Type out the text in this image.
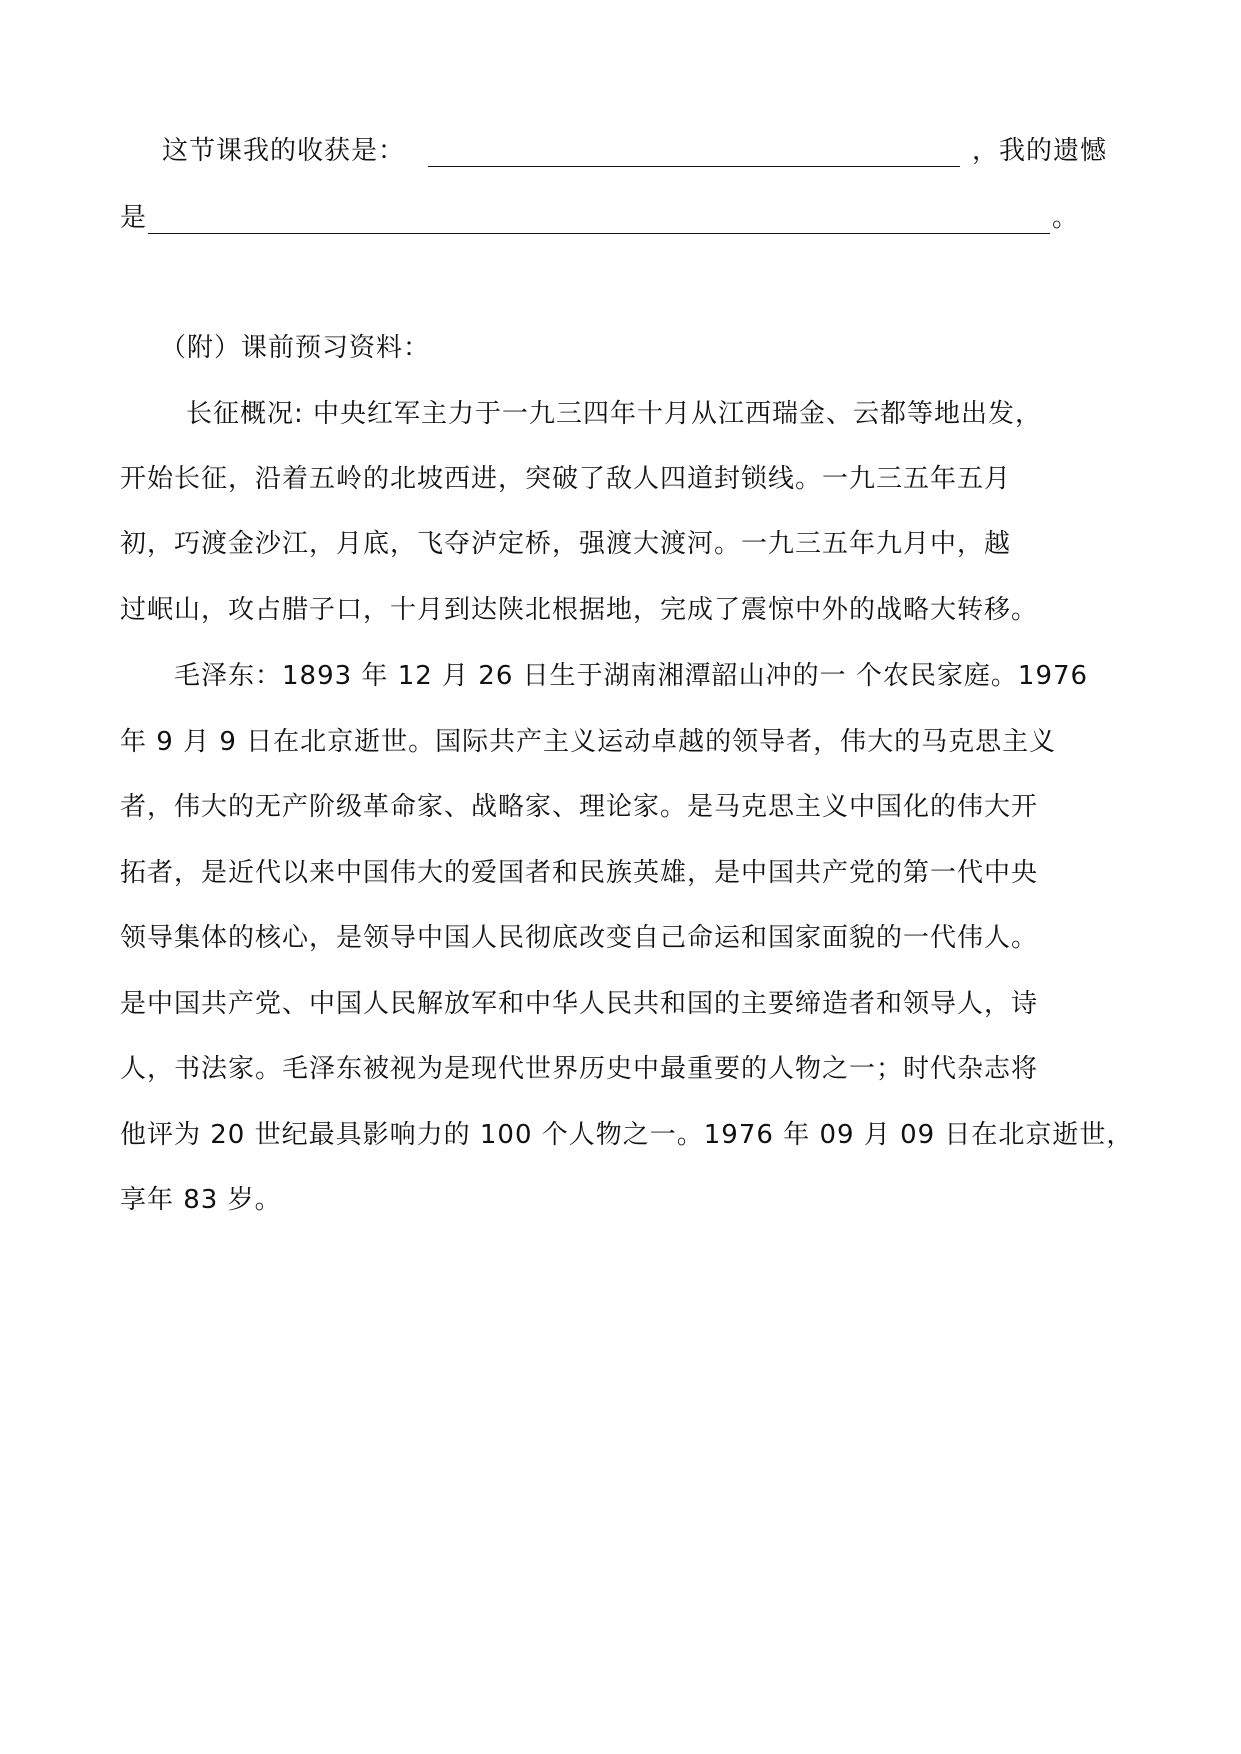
这节课我的收获是：	，我的遗憾
是	。
（附）课前预习资料：
长征概况: 中央红军主力于一九三四年十月从江西瑞金、云都等地出发，
开始长征，沿着五岭的北坡西进，突破了敌人四道封锁线。一九三五年五月
初，巧渡金沙江，月底，飞夺泸定桥，强渡大渡河。一九三五年九月中，越
过岷山，攻占腊子口，十月到达陕北根据地，完成了震惊中外的战略大转移。
毛泽东：1893 年 12 月 26 日生于湖南湘潭韶山冲的一 个农民家庭。1976
年 9 月 9 日在北京逝世。国际共产主义运动卓越的领导者，伟大的马克思主义
者，伟大的无产阶级革命家、战略家、理论家。是马克思主义中国化的伟大开
拓者，是近代以来中国伟大的爱国者和民族英雄，是中国共产党的第一代中央
领导集体的核心，是领导中国人民彻底改变自己命运和国家面貌的一代伟人。
是中国共产党、中国人民解放军和中华人民共和国的主要缔造者和领导人，诗
人，书法家。毛泽东被视为是现代世界历史中最重要的人物之一；时代杂志将
他评为 20 世纪最具影响力的 100 个人物之一。1976 年 09 月 09 日在北京逝世，
享年 83 岁。
